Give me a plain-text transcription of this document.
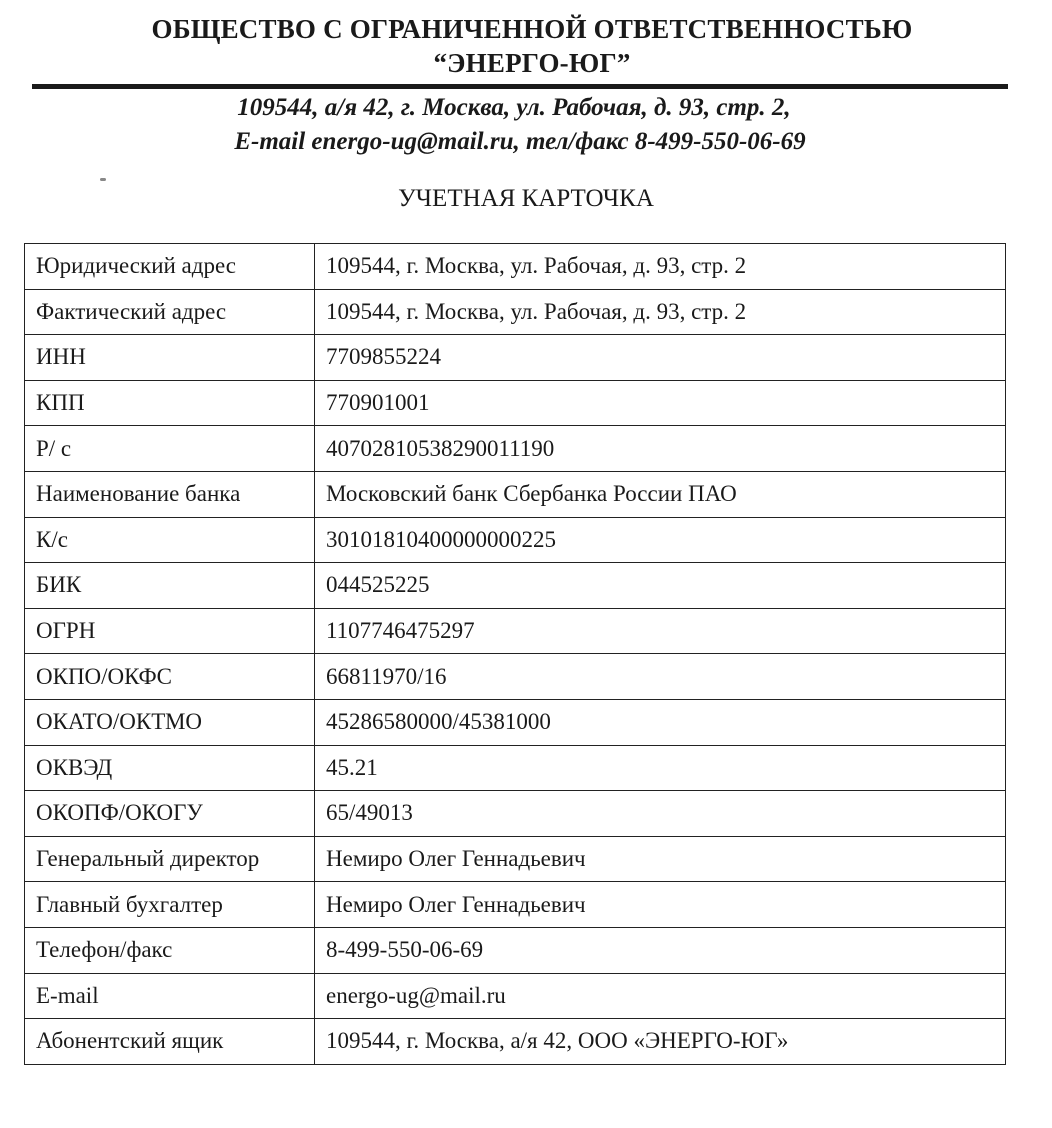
ОБЩЕСТВО С ОГРАНИЧЕННОЙ ОТВЕТСТВЕННОСТЬЮ

“ЭНЕРГО-ЮГ”

109544, а/я 42, г. Москва, ул. Рабочая, д. 93, стр. 2,

E-mail energo-ug@mail.ru, тел/факс 8-499-550-06-69

УЧЕТНАЯ КАРТОЧКА

Юридический адрес	109544, г. Москва, ул. Рабочая, д. 93, стр. 2
Фактический адрес	109544, г. Москва, ул. Рабочая, д. 93, стр. 2
ИНН	7709855224
КПП	770901001
Р/ с	40702810538290011190
Наименование банка	Московский банк Сбербанка России ПАО
К/с	30101810400000000225
БИК	044525225
ОГРН	1107746475297
ОКПО/ОКФС	66811970/16
ОКАТО/ОКТМО	45286580000/45381000
ОКВЭД	45.21
ОКОПФ/ОКОГУ	65/49013
Генеральный директор	Немиро Олег Геннадьевич
Главный бухгалтер	Немиро Олег Геннадьевич
Телефон/факс	8-499-550-06-69
E-mail	energo-ug@mail.ru
Абонентский ящик	109544, г. Москва, а/я 42, ООО «ЭНЕРГО-ЮГ»
